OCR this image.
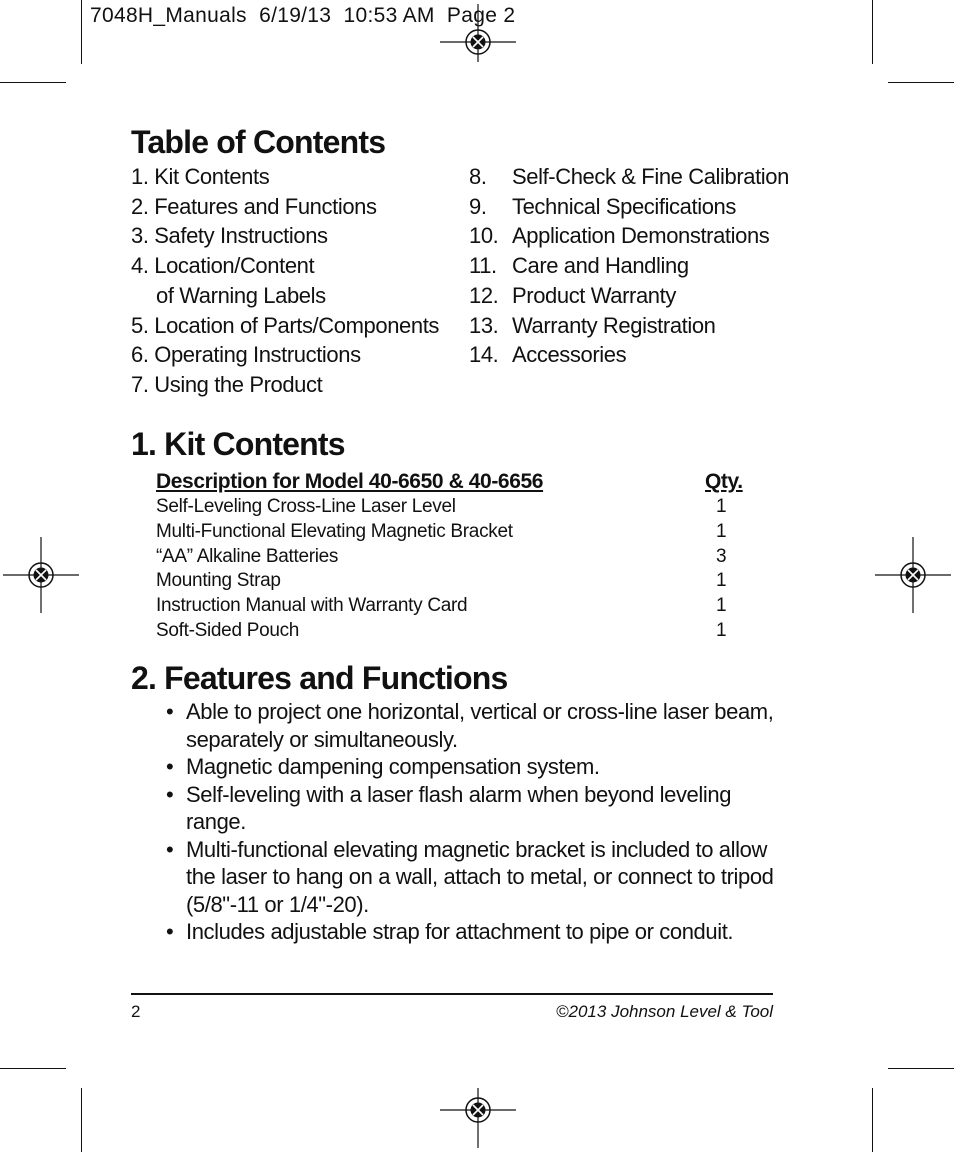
7048H_Manuals  6/19/13  10:53 AM  Page 2
Table of Contents
1. Kit Contents
2. Features and Functions
3. Safety Instructions
4. Location/Content
of Warning Labels
5. Location of Parts/Components
6. Operating Instructions
7. Using the Product
8. Self-Check & Fine Calibration
9. Technical Specifications
10. Application Demonstrations
11. Care and Handling
12. Product Warranty
13. Warranty Registration
14. Accessories
1. Kit Contents
Description for Model 40-6650 & 40-6656	Qty.
Self-Leveling Cross-Line Laser Level	1
Multi-Functional Elevating Magnetic Bracket	1
“AA” Alkaline Batteries	3
Mounting Strap	1
Instruction Manual with Warranty Card	1
Soft-Sided Pouch	1
2. Features and Functions
• Able to project one horizontal, vertical or cross-line laser beam, separately or simultaneously.
• Magnetic dampening compensation system.
• Self-leveling with a laser flash alarm when beyond leveling range.
• Multi-functional elevating magnetic bracket is included to allow the laser to hang on a wall, attach to metal, or connect to tripod (5/8"-11 or 1/4"-20).
• Includes adjustable strap for attachment to pipe or conduit.
2	©2013 Johnson Level & Tool
